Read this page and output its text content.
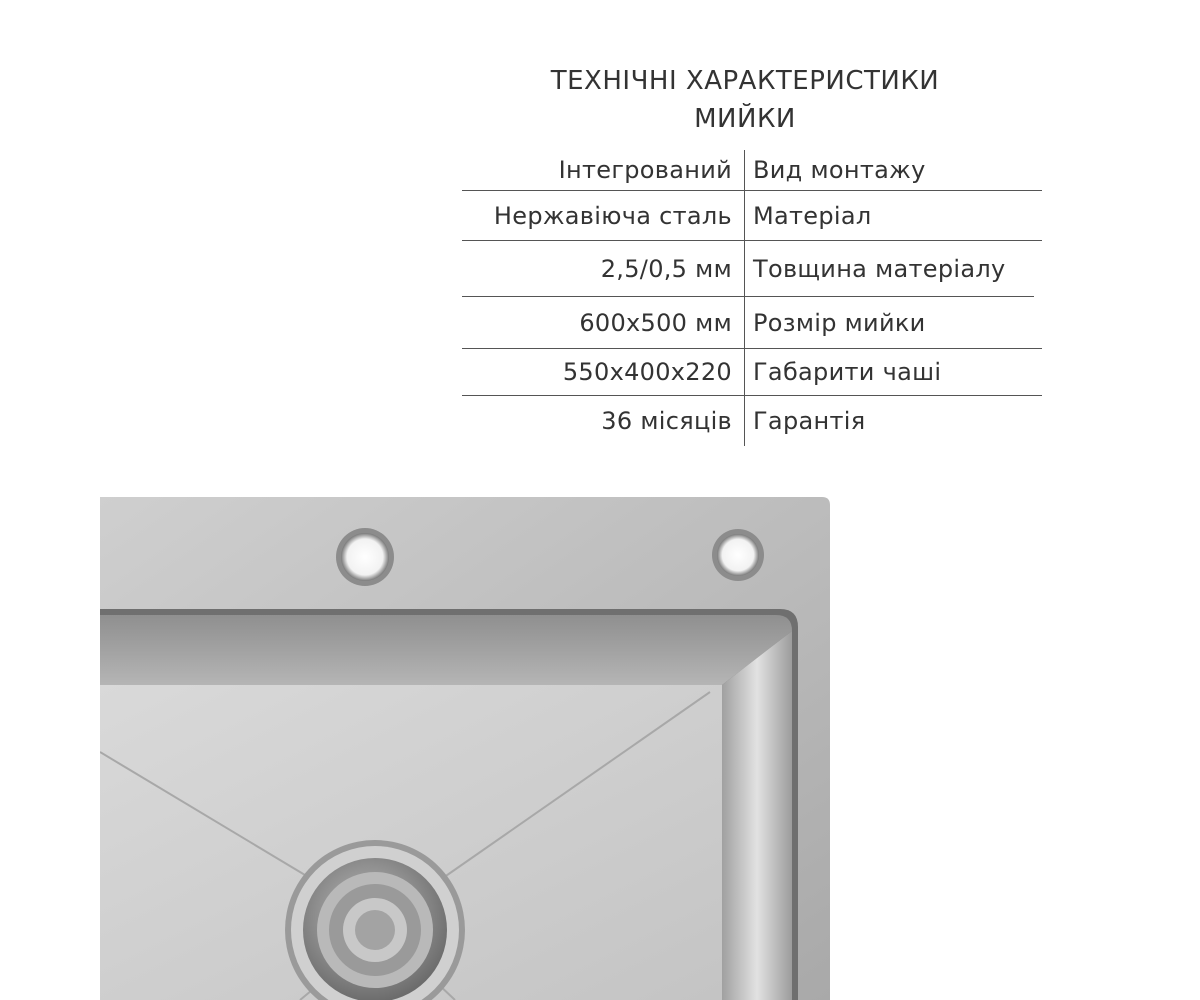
ТЕХНІЧНІ ХАРАКТЕРИСТИКИ
МИЙКИ
Інтегрований Вид монтажу
Нержавіюча сталь Матеріал
2,5/0,5 мм Товщина матеріалу
600х500 мм Розмір мийки
550х400х220 Габарити чаші
36 місяців Гарантія
